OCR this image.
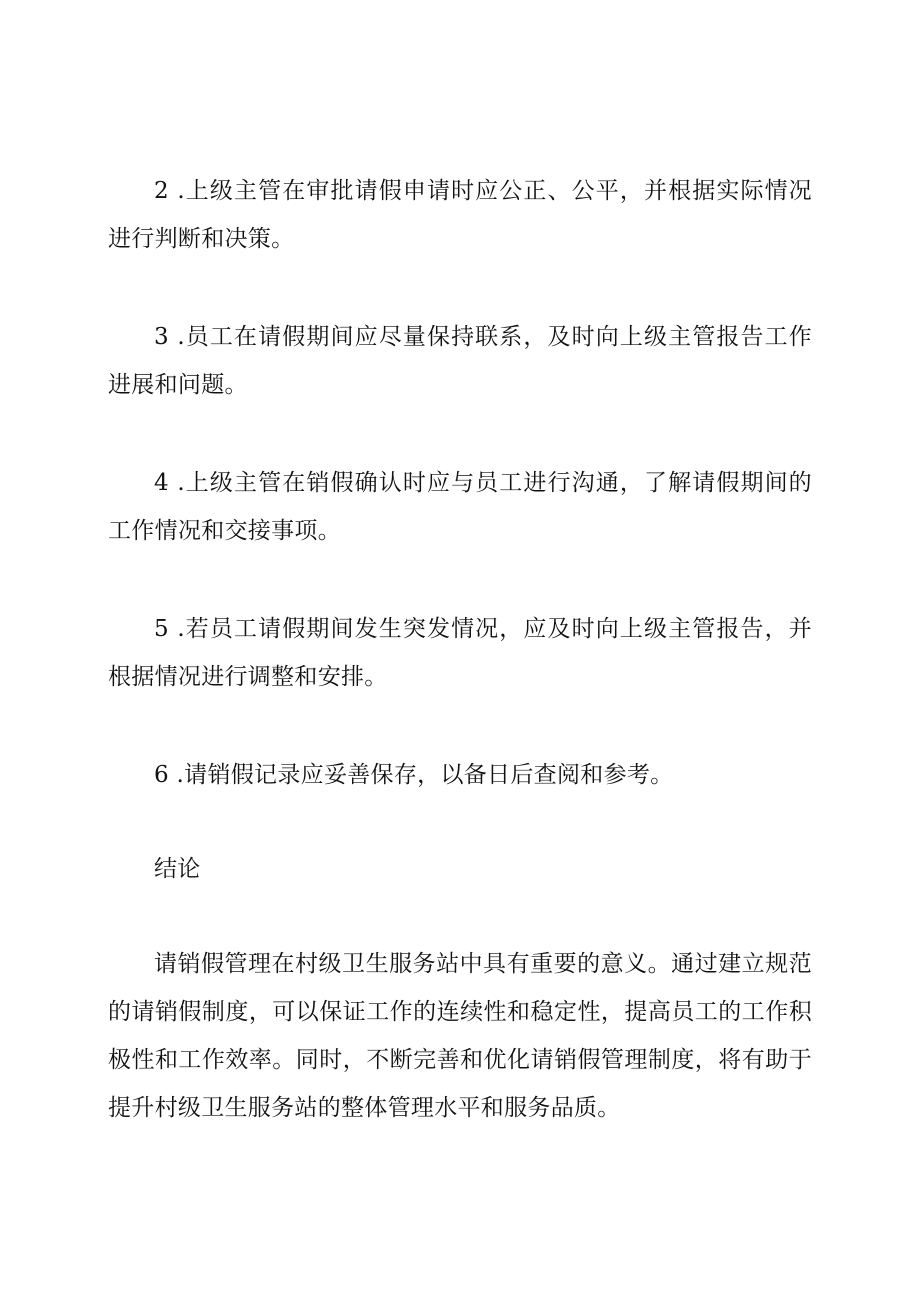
2 .上级主管在审批请假申请时应公正、公平，并根据实际情况进行判断和决策。

3 .员工在请假期间应尽量保持联系，及时向上级主管报告工作进展和问题。

4 .上级主管在销假确认时应与员工进行沟通，了解请假期间的工作情况和交接事项。

5 .若员工请假期间发生突发情况，应及时向上级主管报告，并根据情况进行调整和安排。

6 .请销假记录应妥善保存，以备日后查阅和参考。

结论

请销假管理在村级卫生服务站中具有重要的意义。通过建立规范的请销假制度，可以保证工作的连续性和稳定性，提高员工的工作积极性和工作效率。同时，不断完善和优化请销假管理制度，将有助于提升村级卫生服务站的整体管理水平和服务品质。
